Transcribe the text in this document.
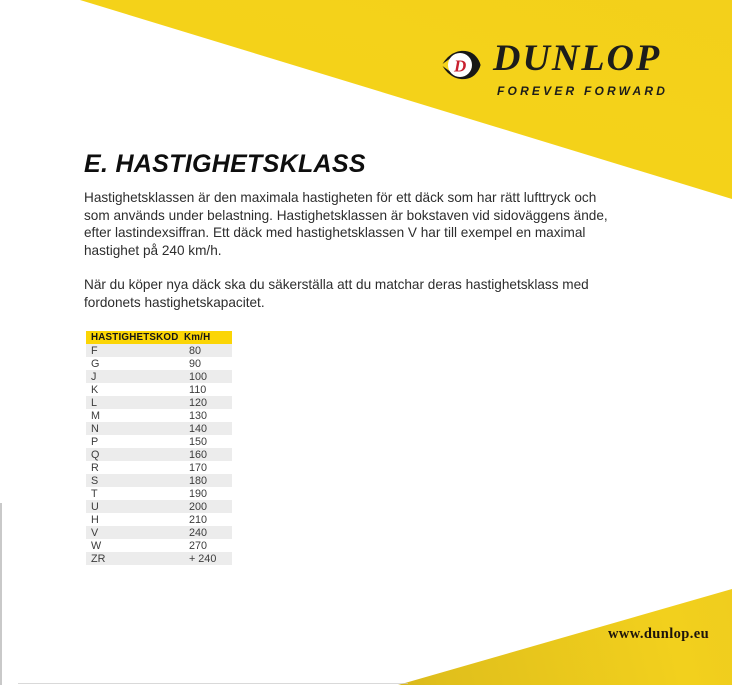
D DUNLOP
FOREVER FORWARD
E. HASTIGHETSKLASS

Hastighetsklassen är den maximala hastigheten för ett däck som har rätt lufttryck och
som används under belastning. Hastighetsklassen är bokstaven vid sidoväggens ände,
efter lastindexsiffran. Ett däck med hastighetsklassen V har till exempel en maximal
hastighet på 240 km/h.

När du köper nya däck ska du säkerställa att du matchar deras hastighetsklass med
fordonets hastighetskapacitet.

HASTIGHETSKOD	Km/H
F	80
G	90
J	100
K	110
L	120
M	130
N	140
P	150
Q	160
R	170
S	180
T	190
U	200
H	210
V	240
W	270
ZR	+ 240
www.dunlop.eu
